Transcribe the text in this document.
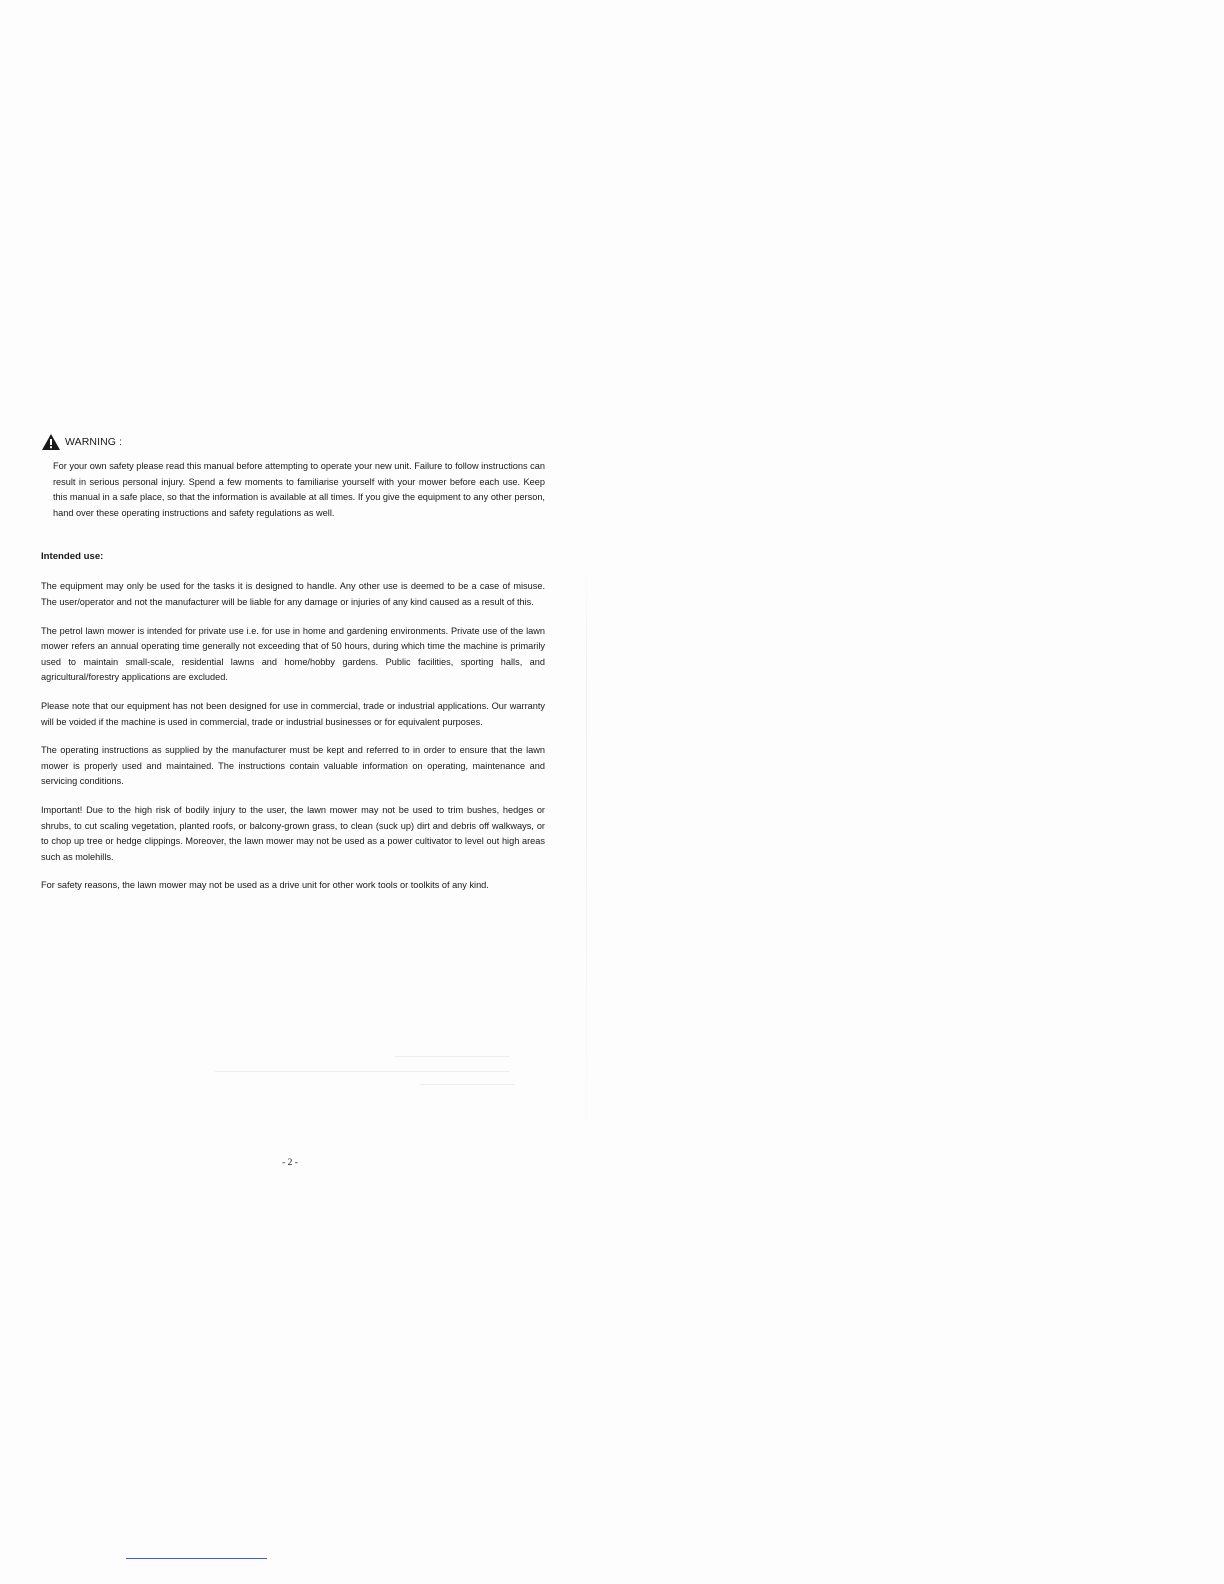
WARNING :

For your own safety please read this manual before attempting to operate your new unit. Failure to follow instructions can result in serious personal injury. Spend a few moments to familiarise yourself with your mower before each use. Keep this manual in a safe place, so that the information is available at all times. If you give the equipment to any other person, hand over these operating instructions and safety regulations as well.

Intended use:

The equipment may only be used for the tasks it is designed to handle. Any other use is deemed to be a case of misuse. The user/operator and not the manufacturer will be liable for any damage or injuries of any kind caused as a result of this.

The petrol lawn mower is intended for private use i.e. for use in home and gardening environments. Private use of the lawn mower refers an annual operating time generally not exceeding that of 50 hours, during which time the machine is primarily used to maintain small-scale, residential lawns and home/hobby gardens. Public facilities, sporting halls, and agricultural/forestry applications are excluded.

Please note that our equipment has not been designed for use in commercial, trade or industrial applications. Our warranty will be voided if the machine is used in commercial, trade or industrial businesses or for equivalent purposes.

The operating instructions as supplied by the manufacturer must be kept and referred to in order to ensure that the lawn mower is properly used and maintained. The instructions contain valuable information on operating, maintenance and servicing conditions.

Important! Due to the high risk of bodily injury to the user, the lawn mower may not be used to trim bushes, hedges or shrubs, to cut scaling vegetation, planted roofs, or balcony-grown grass, to clean (suck up) dirt and debris off walkways, or to chop up tree or hedge clippings. Moreover, the lawn mower may not be used as a power cultivator to level out high areas such as molehills.

For safety reasons, the lawn mower may not be used as a drive unit for other work tools or toolkits of any kind.

- 2 -
